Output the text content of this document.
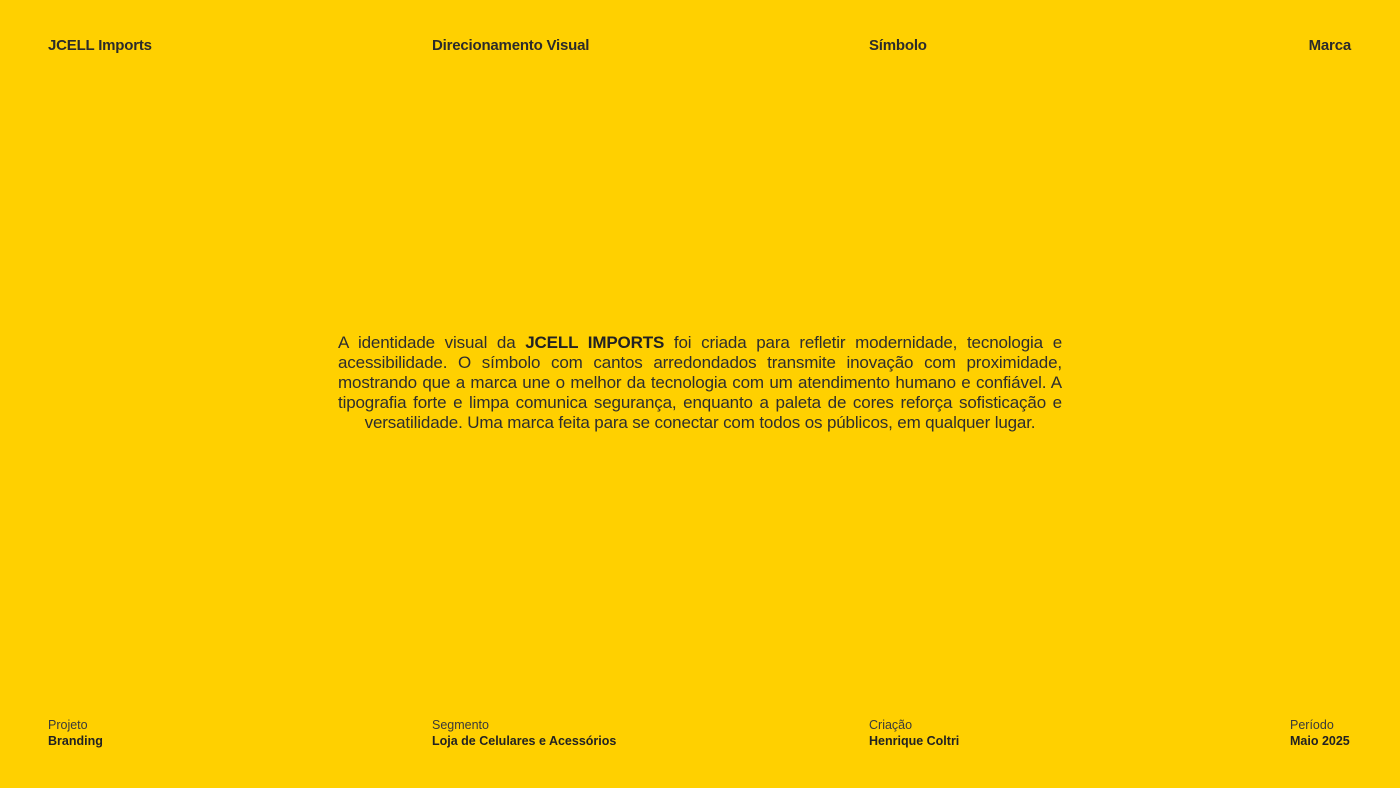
JCELL Imports	Direcionamento Visual	Símbolo	Marca

A identidade visual da JCELL IMPORTS foi criada para refletir modernidade, tecnologia e acessibilidade. O símbolo com cantos arredondados transmite inovação com proximidade, mostrando que a marca une o melhor da tecnologia com um atendimento humano e confiável. A tipografia forte e limpa comunica segurança, enquanto a paleta de cores reforça sofisticação e versatilidade. Uma marca feita para se conectar com todos os públicos, em qualquer lugar.

Projeto
Branding
Segmento
Loja de Celulares e Acessórios
Criação
Henrique Coltri
Período
Maio 2025
